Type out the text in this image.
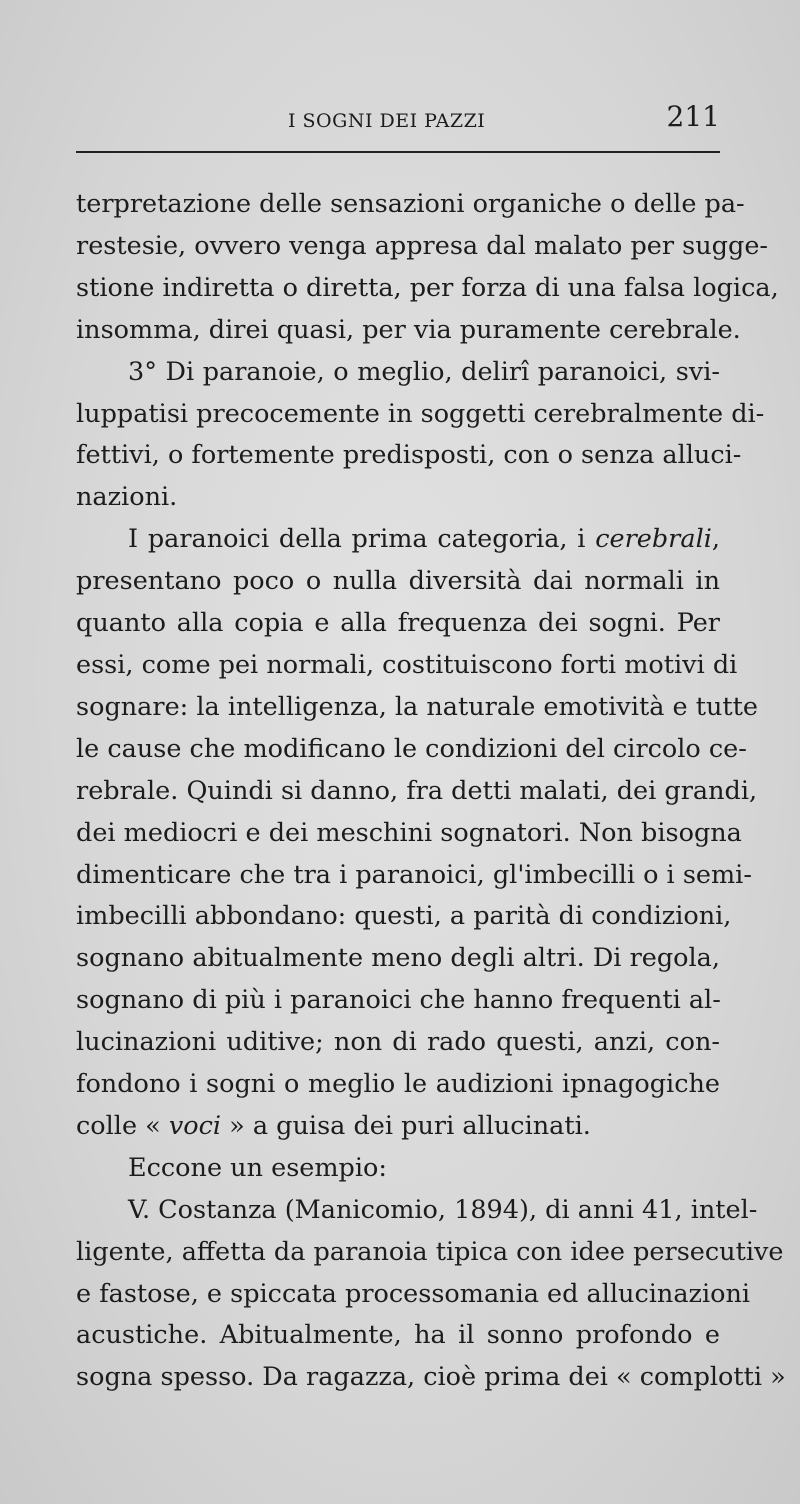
I SOGNI DEI PAZZI	211
terpretazione delle sensazioni organiche o delle pa-
restesie, ovvero venga appresa dal malato per sugge-
stione indiretta o diretta, per forza di una falsa logica,
insomma, direi quasi, per via puramente cerebrale.
3° Di paranoie, o meglio, delirî paranoici, svi-
luppatisi precocemente in soggetti cerebralmente di-
fettivi, o fortemente predisposti, con o senza alluci-
nazioni.
I paranoici della prima categoria, i cerebrali,
presentano poco o nulla diversità dai normali in
quanto alla copia e alla frequenza dei sogni. Per
essi, come pei normali, costituiscono forti motivi di
sognare: la intelligenza, la naturale emotività e tutte
le cause che modificano le condizioni del circolo ce-
rebrale. Quindi si danno, fra detti malati, dei grandi,
dei mediocri e dei meschini sognatori. Non bisogna
dimenticare che tra i paranoici, gl'imbecilli o i semi-
imbecilli abbondano: questi, a parità di condizioni,
sognano abitualmente meno degli altri. Di regola,
sognano di più i paranoici che hanno frequenti al-
lucinazioni uditive; non di rado questi, anzi, con-
fondono i sogni o meglio le audizioni ipnagogiche
colle « voci » a guisa dei puri allucinati.
Eccone un esempio:
V. Costanza (Manicomio, 1894), di anni 41, intel-
ligente, affetta da paranoia tipica con idee persecutive
e fastose, e spiccata processomania ed allucinazioni
acustiche. Abitualmente, ha il sonno profondo e
sogna spesso. Da ragazza, cioè prima dei « complotti »
